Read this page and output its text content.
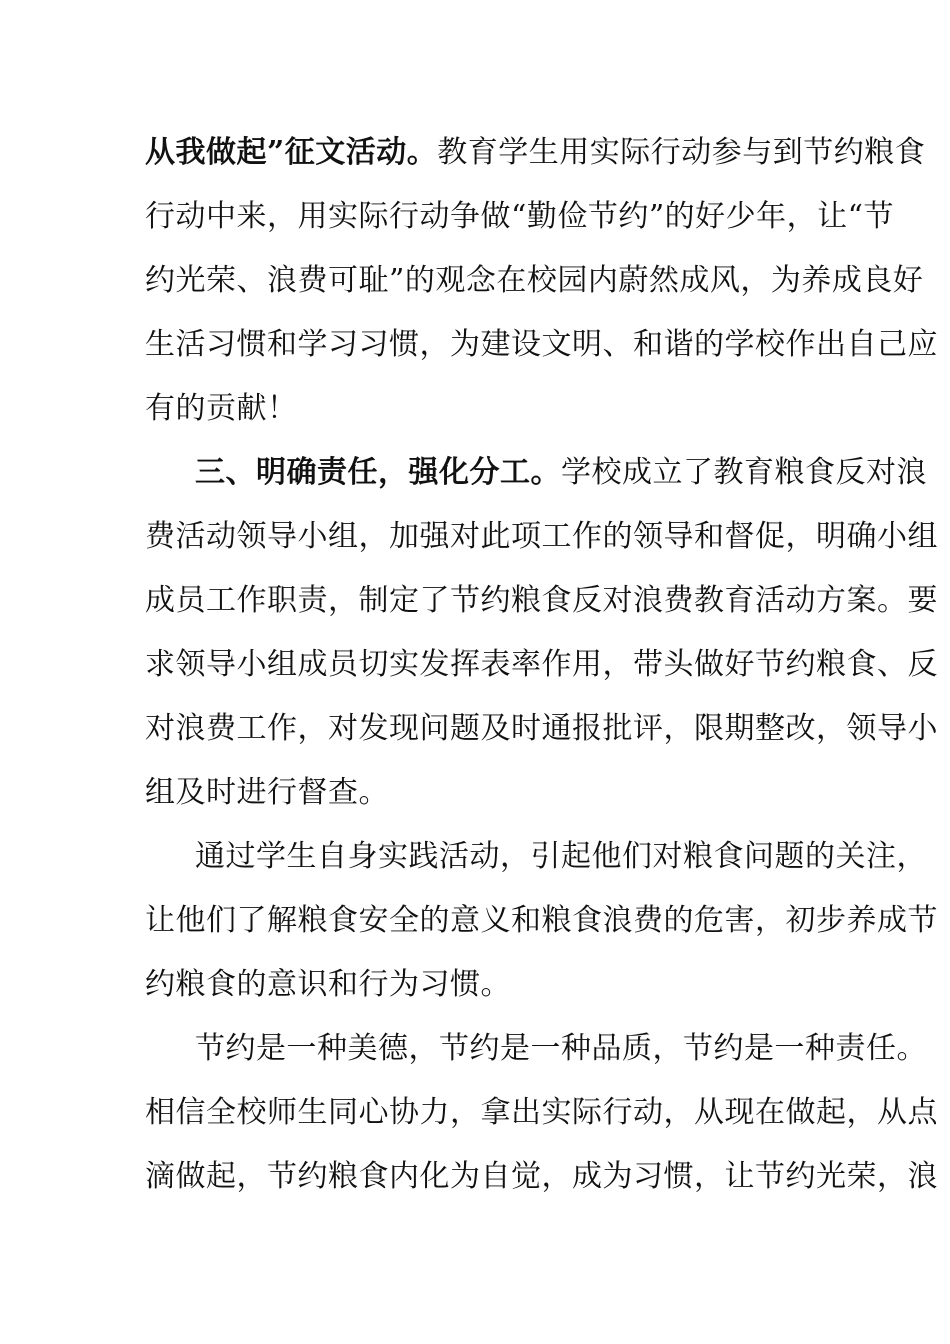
从我做起”征文活动。教育学生用实际行动参与到节约粮食
行动中来，用实际行动争做“勤俭节约”的好少年，让“节
约光荣、浪费可耻”的观念在校园内蔚然成风，为养成良好
生活习惯和学习习惯，为建设文明、和谐的学校作出自己应
有的贡献！
三、明确责任，强化分工。学校成立了教育粮食反对浪
费活动领导小组，加强对此项工作的领导和督促，明确小组
成员工作职责，制定了节约粮食反对浪费教育活动方案。要
求领导小组成员切实发挥表率作用，带头做好节约粮食、反
对浪费工作，对发现问题及时通报批评，限期整改，领导小
组及时进行督查。
通过学生自身实践活动，引起他们对粮食问题的关注，
让他们了解粮食安全的意义和粮食浪费的危害，初步养成节
约粮食的意识和行为习惯。
节约是一种美德，节约是一种品质，节约是一种责任。
相信全校师生同心协力，拿出实际行动，从现在做起，从点
滴做起，节约粮食内化为自觉，成为习惯，让节约光荣，浪
